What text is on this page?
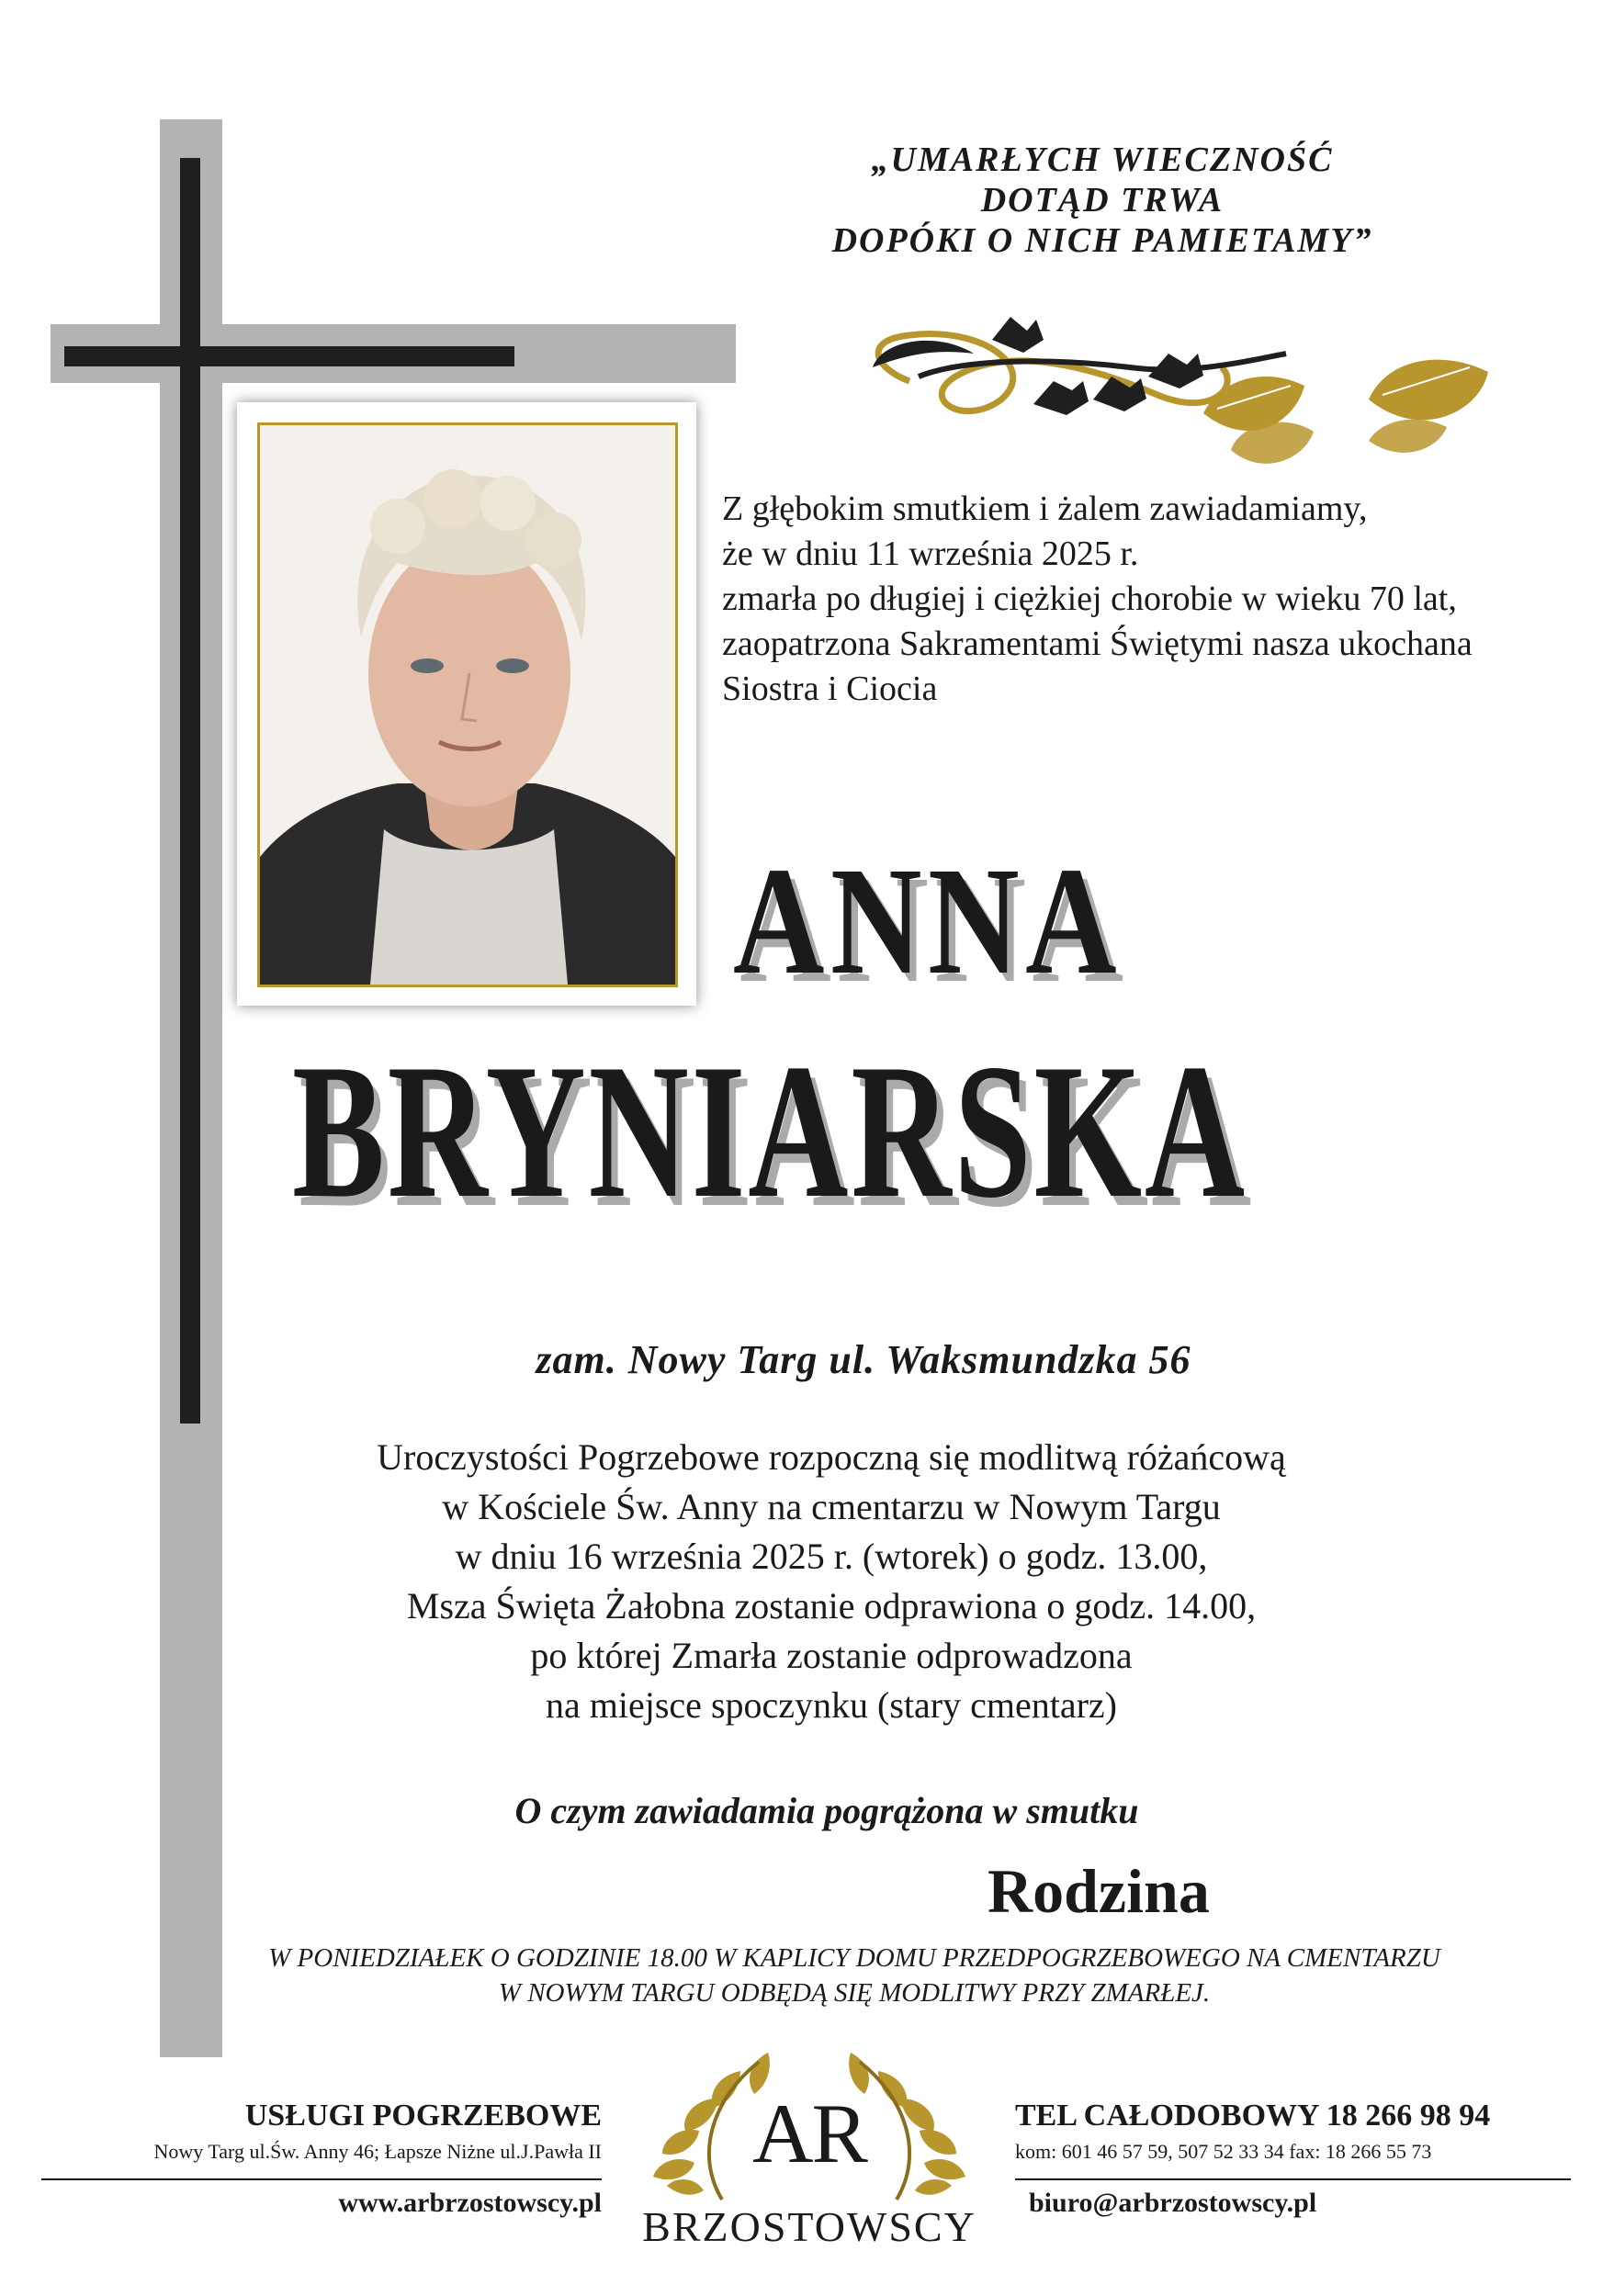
„UMARŁYCH WIECZNOŚĆ
DOTĄD TRWA
DOPÓKI O NICH PAMIETAMY”
Z głębokim smutkiem i żalem zawiadamiamy,
że w dniu 11 września 2025 r.
zmarła po długiej i ciężkiej chorobie w wieku 70 lat,
zaopatrzona Sakramentami Świętymi nasza ukochana
Siostra i Ciocia
ANNA
BRYNIARSKA
zam. Nowy Targ ul. Waksmundzka 56
Uroczystości Pogrzebowe rozpoczną się modlitwą różańcową
w Kościele Św. Anny na cmentarzu w Nowym Targu
w dniu 16 września 2025 r. (wtorek) o godz. 13.00,
Msza Święta Żałobna zostanie odprawiona o godz. 14.00,
po której Zmarła zostanie odprowadzona
na miejsce spoczynku (stary cmentarz)
O czym zawiadamia pogrążona w smutku
Rodzina
W PONIEDZIAŁEK O GODZINIE 18.00 W KAPLICY DOMU PRZEDPOGRZEBOWEGO NA CMENTARZU
W NOWYM TARGU ODBĘDĄ SIĘ MODLITWY PRZY ZMARŁEJ.
USŁUGI POGRZEBOWE
Nowy Targ ul.Św. Anny 46; Łapsze Niżne ul.J.Pawła II
www.arbrzostowscy.pl
AR
BRZOSTOWSCY
TEL CAŁODOBOWY 18 266 98 94
kom: 601 46 57 59, 507 52 33 34 fax: 18 266 55 73
biuro@arbrzostowscy.pl
